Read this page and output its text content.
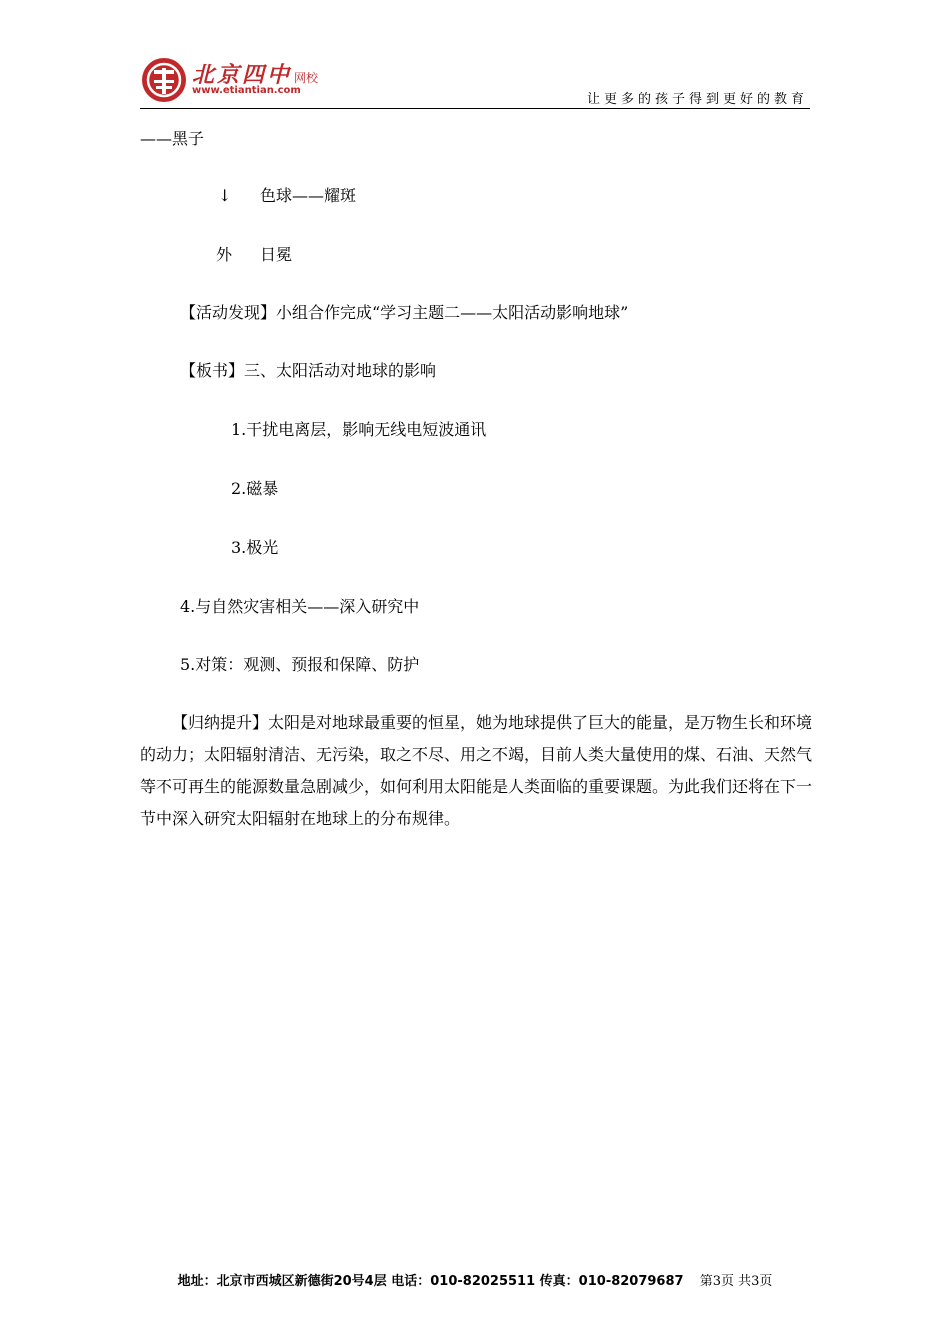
北京四中 网校
www.etiantian.com
让更多的孩子得到更好的教育
——黑子
↓ 色球——耀斑
外 日冕
【活动发现】小组合作完成“学习主题二——太阳活动影响地球”
【板书】三、太阳活动对地球的影响
1.干扰电离层，影响无线电短波通讯
2.磁暴
3.极光
4.与自然灾害相关——深入研究中
5.对策：观测、预报和保障、防护
【归纳提升】太阳是对地球最重要的恒星，她为地球提供了巨大的能量，是万物生长和环境的动力；太阳辐射清洁、无污染，取之不尽、用之不竭，目前人类大量使用的煤、石油、天然气等不可再生的能源数量急剧减少，如何利用太阳能是人类面临的重要课题。为此我们还将在下一节中深入研究太阳辐射在地球上的分布规律。
地址：北京市西城区新德街20号4层 电话：010-82025511 传真：010-82079687 第3页 共3页
